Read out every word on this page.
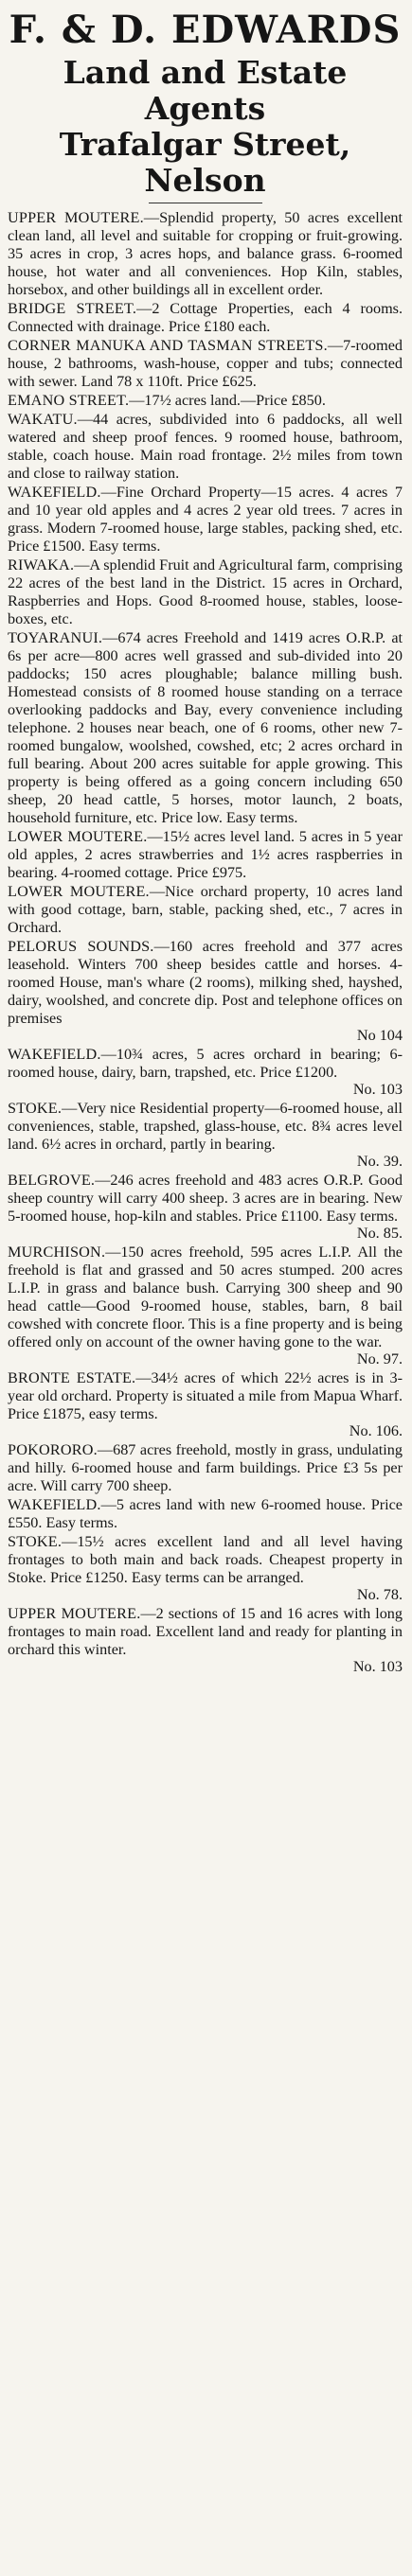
F. & D. EDWARDS
Land and Estate Agents
Trafalgar Street,
Nelson

UPPER MOUTERE.—Splendid property, 50 acres excellent clean land, all level and suitable for cropping or fruit-growing. 35 acres in crop, 3 acres hops, and balance grass. 6-roomed house, hot water and all conveniences. Hop Kiln, stables, horsebox, and other buildings all in excellent order.

BRIDGE STREET.—2 Cottage Properties, each 4 rooms. Connected with drainage. Price £180 each.

CORNER MANUKA AND TASMAN STREETS.—7-roomed house, 2 bathrooms, wash-house, copper and tubs; connected with sewer. Land 78 x 110ft. Price £625.

EMANO STREET.—17½ acres land.—Price £850.

WAKATU.—44 acres, subdivided into 6 paddocks, all well watered and sheep proof fences. 9 roomed house, bathroom, stable, coach house. Main road frontage. 2½ miles from town and close to railway station.

WAKEFIELD.—Fine Orchard Property—15 acres. 4 acres 7 and 10 year old apples and 4 acres 2 year old trees. 7 acres in grass. Modern 7-roomed house, large stables, packing shed, etc. Price £1500. Easy terms.

RIWAKA.—A splendid Fruit and Agricultural farm, comprising 22 acres of the best land in the District. 15 acres in Orchard, Raspberries and Hops. Good 8-roomed house, stables, loose-boxes, etc.

TOYARANUI.—674 acres Freehold and 1419 acres O.R.P. at 6s per acre—800 acres well grassed and sub-divided into 20 paddocks; 150 acres ploughable; balance milling bush. Homestead consists of 8 roomed house standing on a terrace overlooking paddocks and Bay, every convenience including telephone. 2 houses near beach, one of 6 rooms, other new 7-roomed bungalow, woolshed, cowshed, etc; 2 acres orchard in full bearing. About 200 acres suitable for apple growing. This property is being offered as a going concern including 650 sheep, 20 head cattle, 5 horses, motor launch, 2 boats, household furniture, etc. Price low. Easy terms.

LOWER MOUTERE.—15½ acres level land. 5 acres in 5 year old apples, 2 acres strawberries and 1½ acres raspberries in bearing. 4-roomed cottage. Price £975.

LOWER MOUTERE.—Nice orchard property, 10 acres land with good cottage, barn, stable, packing shed, etc., 7 acres in Orchard.

PELORUS SOUNDS.—160 acres freehold and 377 acres leasehold. Winters 700 sheep besides cattle and horses. 4-roomed House, man's whare (2 rooms), milking shed, hayshed, dairy, woolshed, and concrete dip. Post and telephone offices on premises
No 104

WAKEFIELD.—10¾ acres, 5 acres orchard in bearing; 6-roomed house, dairy, barn, trapshed, etc. Price £1200.
No. 103

STOKE.—Very nice Residential property—6-roomed house, all conveniences, stable, trapshed, glass-house, etc. 8¾ acres level land. 6½ acres in orchard, partly in bearing.
No. 39.

BELGROVE.—246 acres freehold and 483 acres O.R.P. Good sheep country will carry 400 sheep. 3 acres are in bearing. New 5-roomed house, hop-kiln and stables. Price £1100. Easy terms.
No. 85.

MURCHISON.—150 acres freehold, 595 acres L.I.P. All the freehold is flat and grassed and 50 acres stumped. 200 acres L.I.P. in grass and balance bush. Carrying 300 sheep and 90 head cattle—Good 9-roomed house, stables, barn, 8 bail cowshed with concrete floor. This is a fine property and is being offered only on account of the owner having gone to the war.
No. 97.

BRONTE ESTATE.—34½ acres of which 22½ acres is in 3-year old orchard. Property is situated a mile from Mapua Wharf. Price £1875, easy terms.
No. 106.

POKORORO.—687 acres freehold, mostly in grass, undulating and hilly. 6-roomed house and farm buildings. Price £3 5s per acre. Will carry 700 sheep.

WAKEFIELD.—5 acres land with new 6-roomed house. Price £550. Easy terms.

STOKE.—15½ acres excellent land and all level having frontages to both main and back roads. Cheapest property in Stoke. Price £1250. Easy terms can be arranged.
No. 78.

UPPER MOUTERE.—2 sections of 15 and 16 acres with long frontages to main road. Excellent land and ready for planting in orchard this winter.
No. 103
